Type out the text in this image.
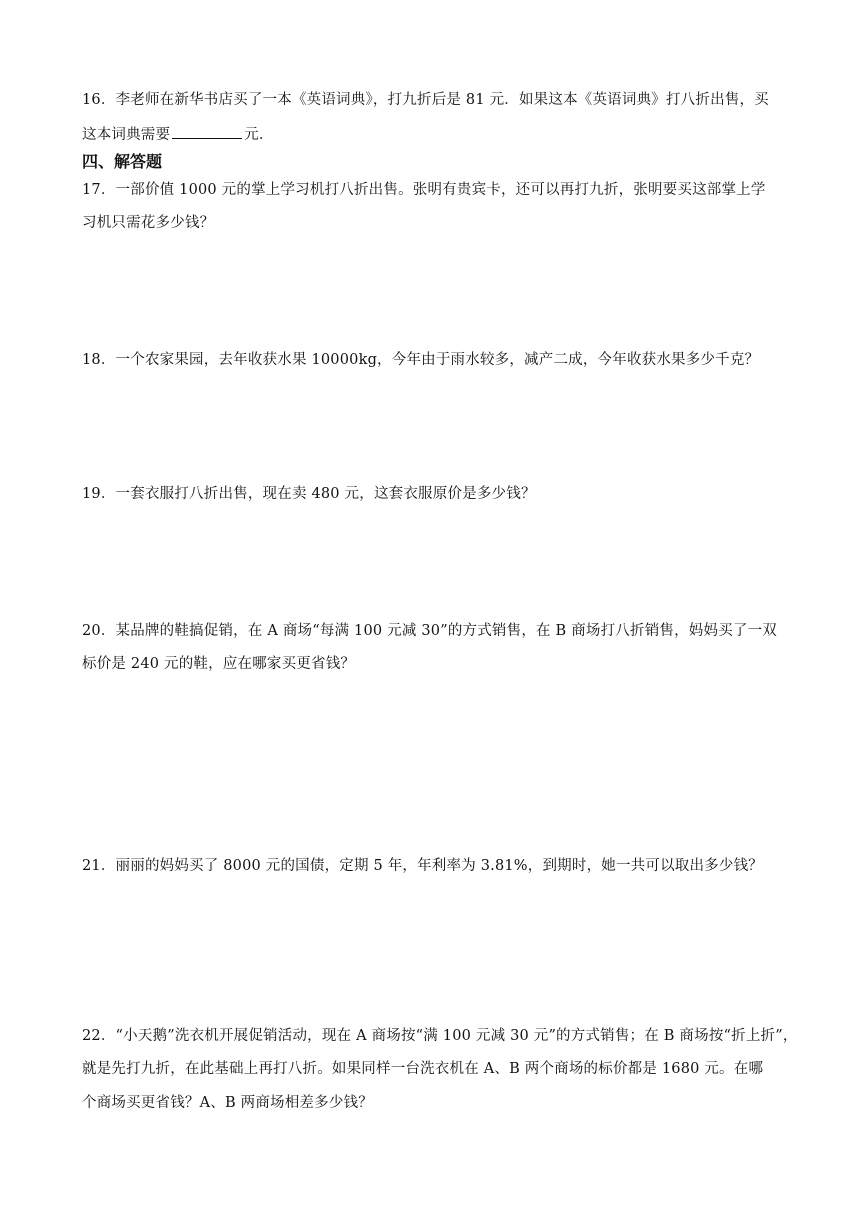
16．李老师在新华书店买了一本《英语词典》，打九折后是 81 元．如果这本《英语词典》打八折出售，买
这本词典需要	元．
四、解答题
17．一部价值 1000 元的掌上学习机打八折出售。张明有贵宾卡，还可以再打九折，张明要买这部掌上学
习机只需花多少钱？
18．一个农家果园，去年收获水果 10000kg，今年由于雨水较多，减产二成，今年收获水果多少千克？
19．一套衣服打八折出售，现在卖 480 元，这套衣服原价是多少钱？
20．某品牌的鞋搞促销，在 A 商场“每满 100 元减 30”的方式销售，在 B 商场打八折销售，妈妈买了一双
标价是 240 元的鞋，应在哪家买更省钱？
21．丽丽的妈妈买了 8000 元的国债，定期 5 年，年利率为 3.81%，到期时，她一共可以取出多少钱？
22．“小天鹅”洗衣机开展促销活动，现在 A 商场按“满 100 元减 30 元”的方式销售；在 B 商场按“折上折”，
就是先打九折，在此基础上再打八折。如果同样一台洗衣机在 A、B 两个商场的标价都是 1680 元。在哪
个商场买更省钱？A、B 两商场相差多少钱？
